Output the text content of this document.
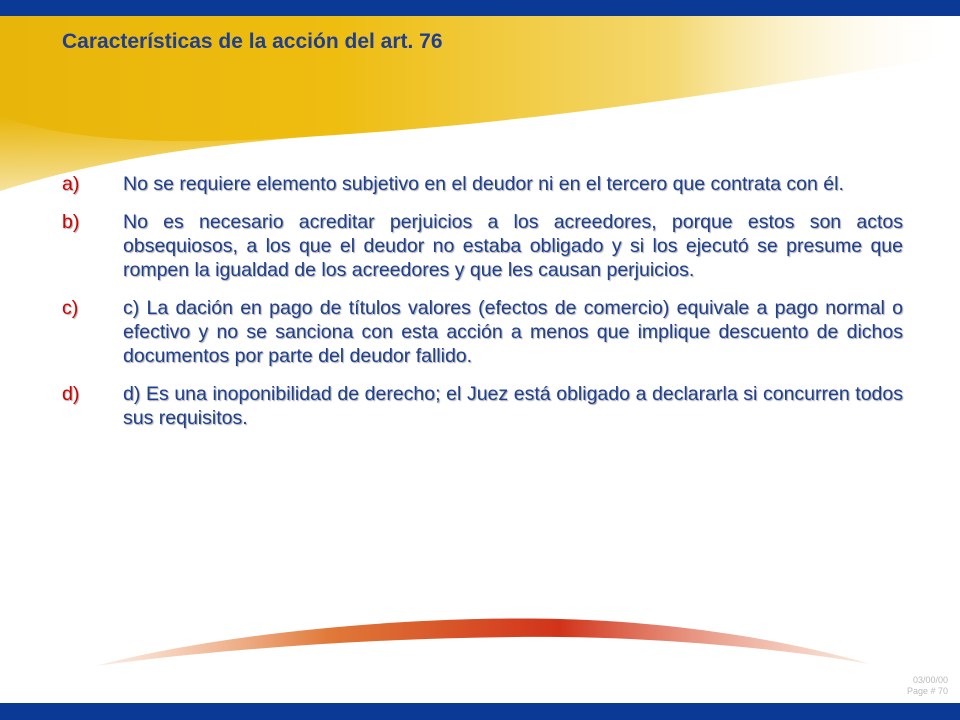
Características de la acción del art. 76
a)	No se requiere elemento subjetivo en el deudor ni en el tercero que contrata con él.
b)	No es necesario acreditar perjuicios a los acreedores, porque estos son actos obsequiosos, a los que el deudor no estaba obligado y si los ejecutó se presume que rompen la igualdad de los acreedores y que les causan perjuicios.
c)	c) La dación en pago de títulos valores (efectos de comercio) equivale a pago normal o efectivo y no se sanciona con esta acción a menos que implique descuento de dichos documentos por parte del deudor fallido.
d)	d) Es una inoponibilidad de derecho; el Juez está obligado a declararla si concurren todos sus requisitos.
03/00/00
Page # 70
